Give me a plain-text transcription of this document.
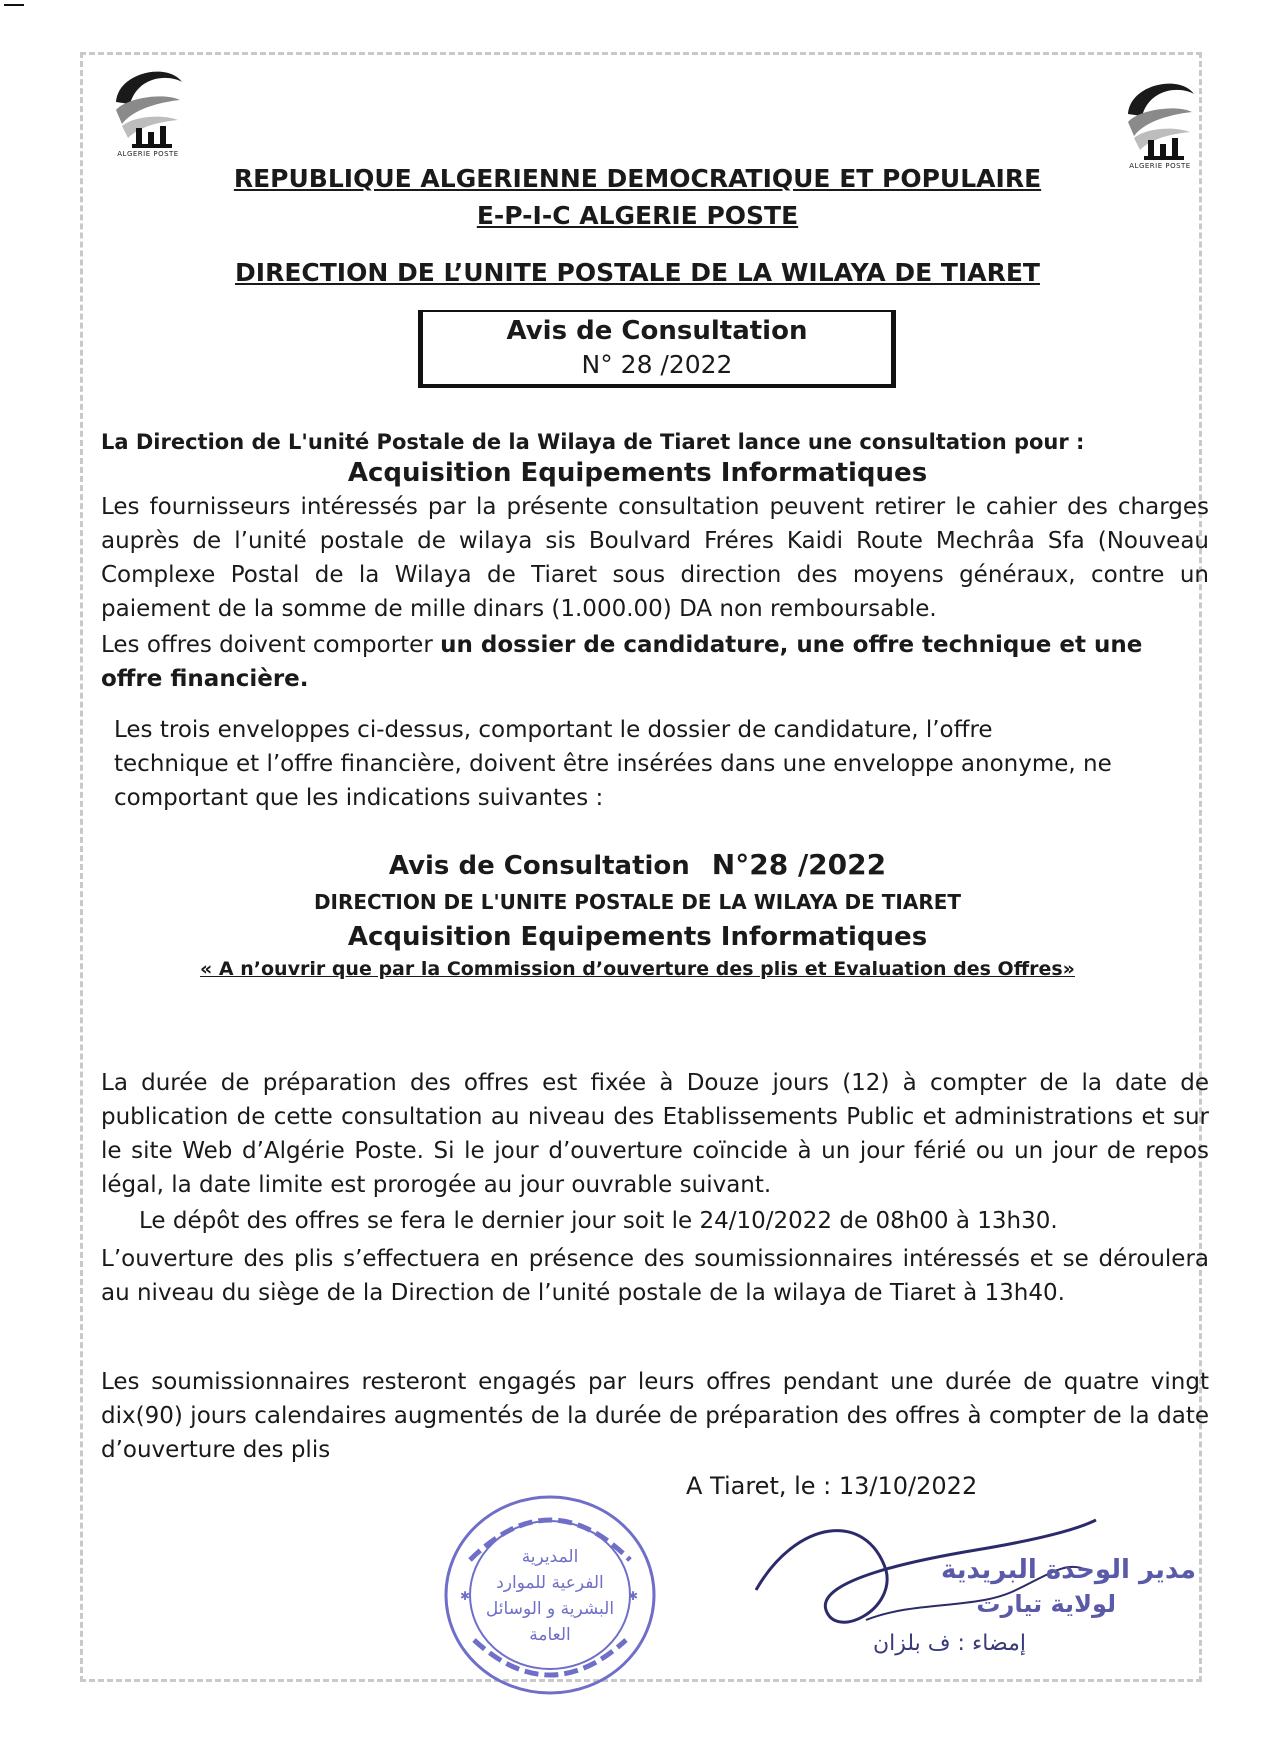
ALGERIE POSTE
ALGERIE POSTE
REPUBLIQUE ALGERIENNE DEMOCRATIQUE ET POPULAIRE
E-P-I-C ALGERIE POSTE
DIRECTION DE L’UNITE POSTALE DE LA WILAYA DE TIARET
Avis de Consultation
N° 28 /2022
La Direction de L'unité Postale de la Wilaya de Tiaret lance une consultation pour :
Acquisition Equipements Informatiques
Les fournisseurs intéressés par la présente consultation peuvent retirer le cahier des charges auprès de l’unité postale de wilaya sis Boulvard Fréres Kaidi Route Mechrâa Sfa (Nouveau Complexe Postal de la Wilaya de Tiaret sous direction des moyens généraux, contre un paiement de la somme de mille dinars (1.000.00) DA non remboursable.
Les offres doivent comporter un dossier de candidature, une offre technique et une offre financière.
Les trois enveloppes ci-dessus, comportant le dossier de candidature, l’offre technique et l’offre financière, doivent être insérées dans une enveloppe anonyme, ne comportant que les indications suivantes :
Avis de Consultation N°28 /2022
DIRECTION DE L'UNITE POSTALE DE LA WILAYA DE TIARET
Acquisition Equipements Informatiques
« A n’ouvrir que par la Commission d’ouverture des plis et Evaluation des Offres»
La durée de préparation des offres est fixée à Douze jours (12) à compter de la date de publication de cette consultation au niveau des Etablissements Public et administrations et sur le site Web d’Algérie Poste. Si le jour d’ouverture coïncide à un jour férié ou un jour de repos légal, la date limite est prorogée au jour ouvrable suivant.
Le dépôt des offres se fera le dernier jour soit le 24/10/2022 de 08h00 à 13h30.
L’ouverture des plis s’effectuera en présence des soumissionnaires intéressés et se déroulera au niveau du siège de la Direction de l’unité postale de la wilaya de Tiaret à 13h40.
Les soumissionnaires resteront engagés par leurs offres pendant une durée de quatre vingt dix(90) jours calendaires augmentés de la durée de préparation des offres à compter de la date d’ouverture des plis
A Tiaret, le : 13/10/2022
✱	✱
المديرية
الفرعية للموارد
البشرية و الوسائل
العامة
مدير الوحدة البريدية
لولاية تيارت
إمضاء : ف بلزان
